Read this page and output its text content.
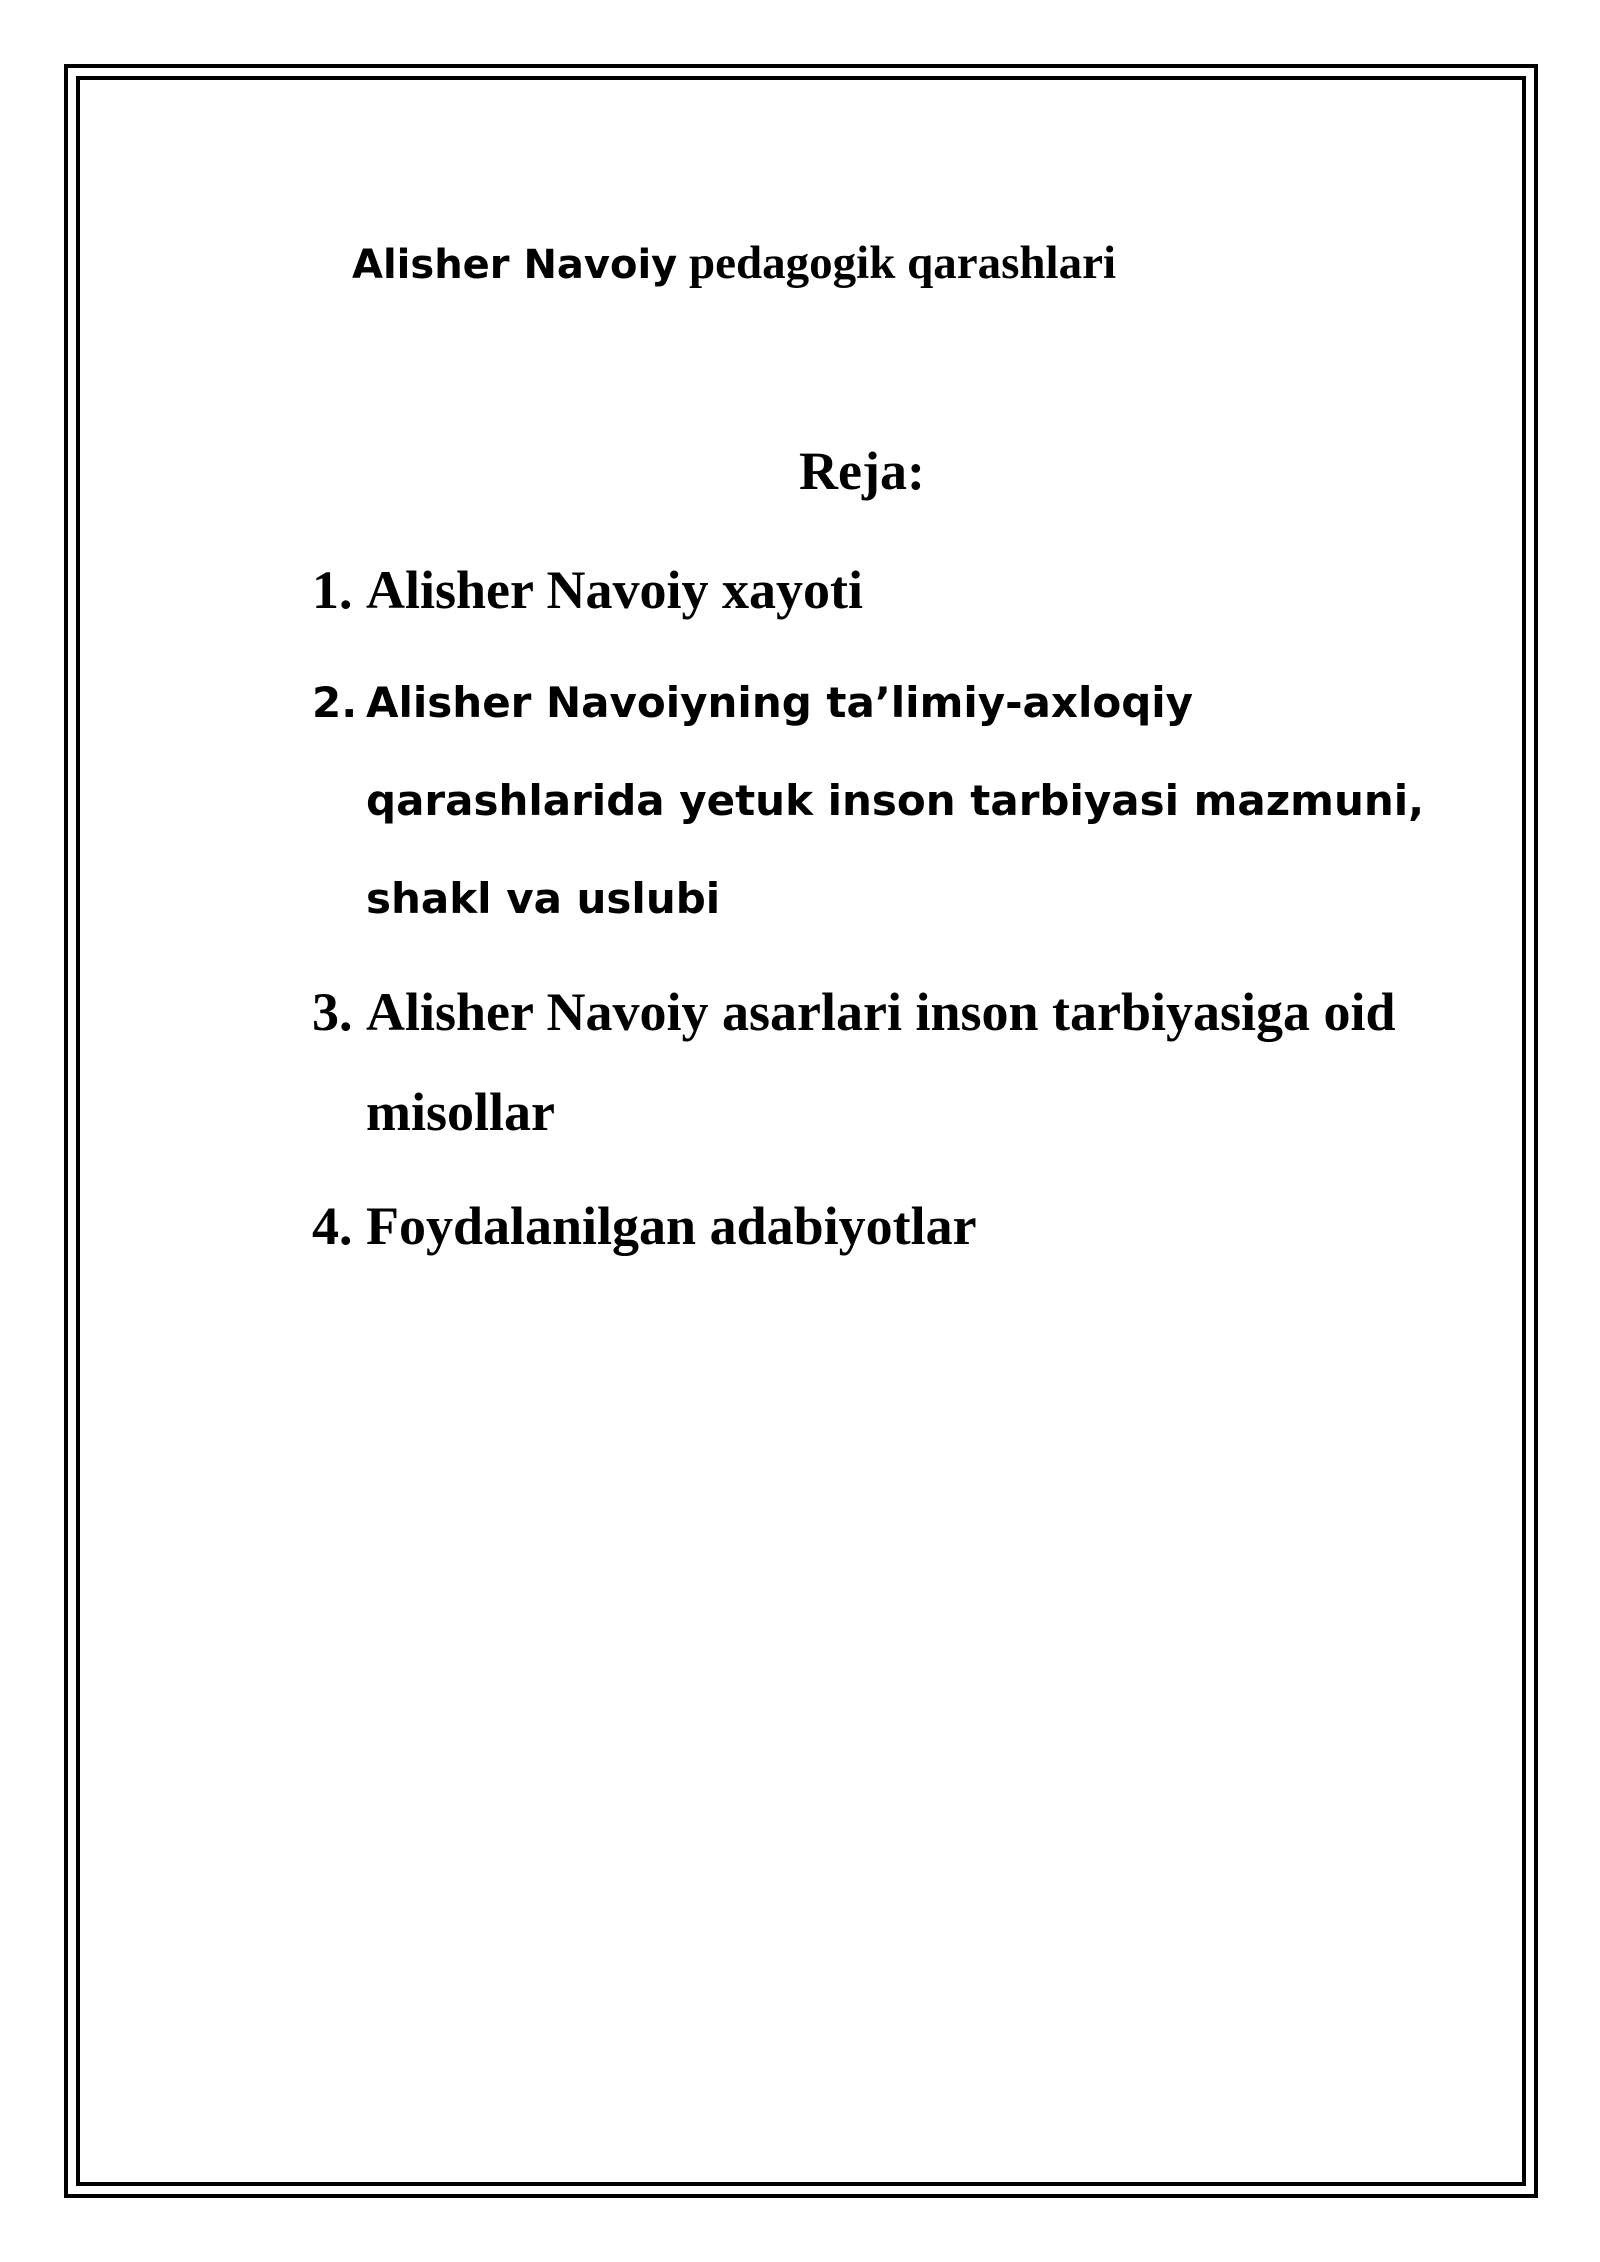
Alisher Navoiy pedagogik qarashlari
Reja:
1. Alisher Navoiy xayoti
2. Alisher Navoiyning ta’limiy-axloqiy qarashlarida yetuk inson tarbiyasi mazmuni, shakl va uslubi
3. Alisher Navoiy asarlari inson tarbiyasiga oid misollar
4. Foydalanilgan adabiyotlar
